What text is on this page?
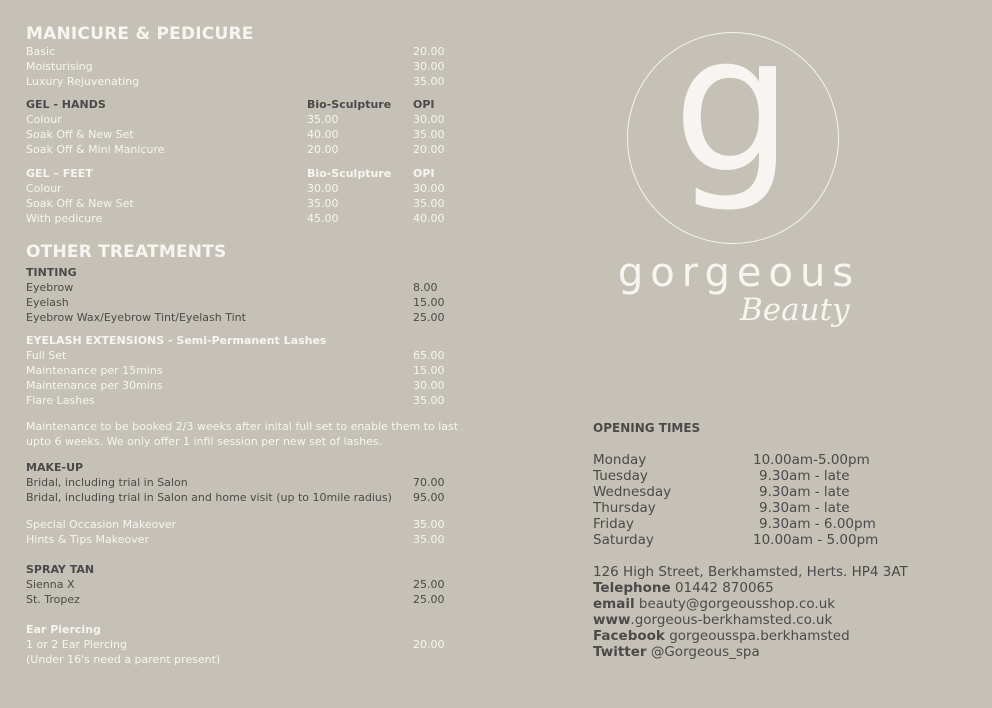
MANICURE & PEDICURE
Basic	20.00
Moisturising	30.00
Luxury Rejuvenating	35.00
GEL - HANDS	Bio-Sculpture OPI
Colour	35.00	30.00
Soak Off & New Set	40.00	35.00
Soak Off & Mini Manicure	20.00	20.00
GEL – FEET	Bio-Sculpture OPI
Colour	30.00	30.00
Soak Off & New Set	35.00	35.00
With pedicure	45.00	40.00
OTHER TREATMENTS
TINTING
Eyebrow	8.00
Eyelash	15.00
Eyebrow Wax/Eyebrow Tint/Eyelash Tint	25.00
EYELASH EXTENSIONS - Semi-Permanent Lashes
Full Set	65.00
Maintenance per 15mins	15.00
Maintenance per 30mins	30.00
Flare Lashes	35.00
Maintenance to be booked 2/3 weeks after inital full set to enable them to last
upto 6 weeks. We only offer 1 infil session per new set of lashes.
MAKE-UP
Bridal, including trial in Salon	70.00
Bridal, including trial in Salon and home visit (up to 10mile radius) 95.00
Special Occasion Makeover	35.00
Hints & Tips Makeover	35.00
SPRAY TAN
Sienna X	25.00
St. Tropez	25.00
Ear Piercing
1 or 2 Ear Piercing	20.00
(Under 16's need a parent present)
g
gorgeous
Beauty
OPENING TIMES
Monday	10.00am-5.00pm
Tuesday	9.30am - late
Wednesday	9.30am - late
Thursday	9.30am - late
Friday	9.30am - 6.00pm
Saturday	10.00am - 5.00pm
126 High Street, Berkhamsted, Herts. HP4 3AT
Telephone 01442 870065
email beauty@gorgeousshop.co.uk
www.gorgeous-berkhamsted.co.uk
Facebook gorgeousspa.berkhamsted
Twitter @Gorgeous_spa
